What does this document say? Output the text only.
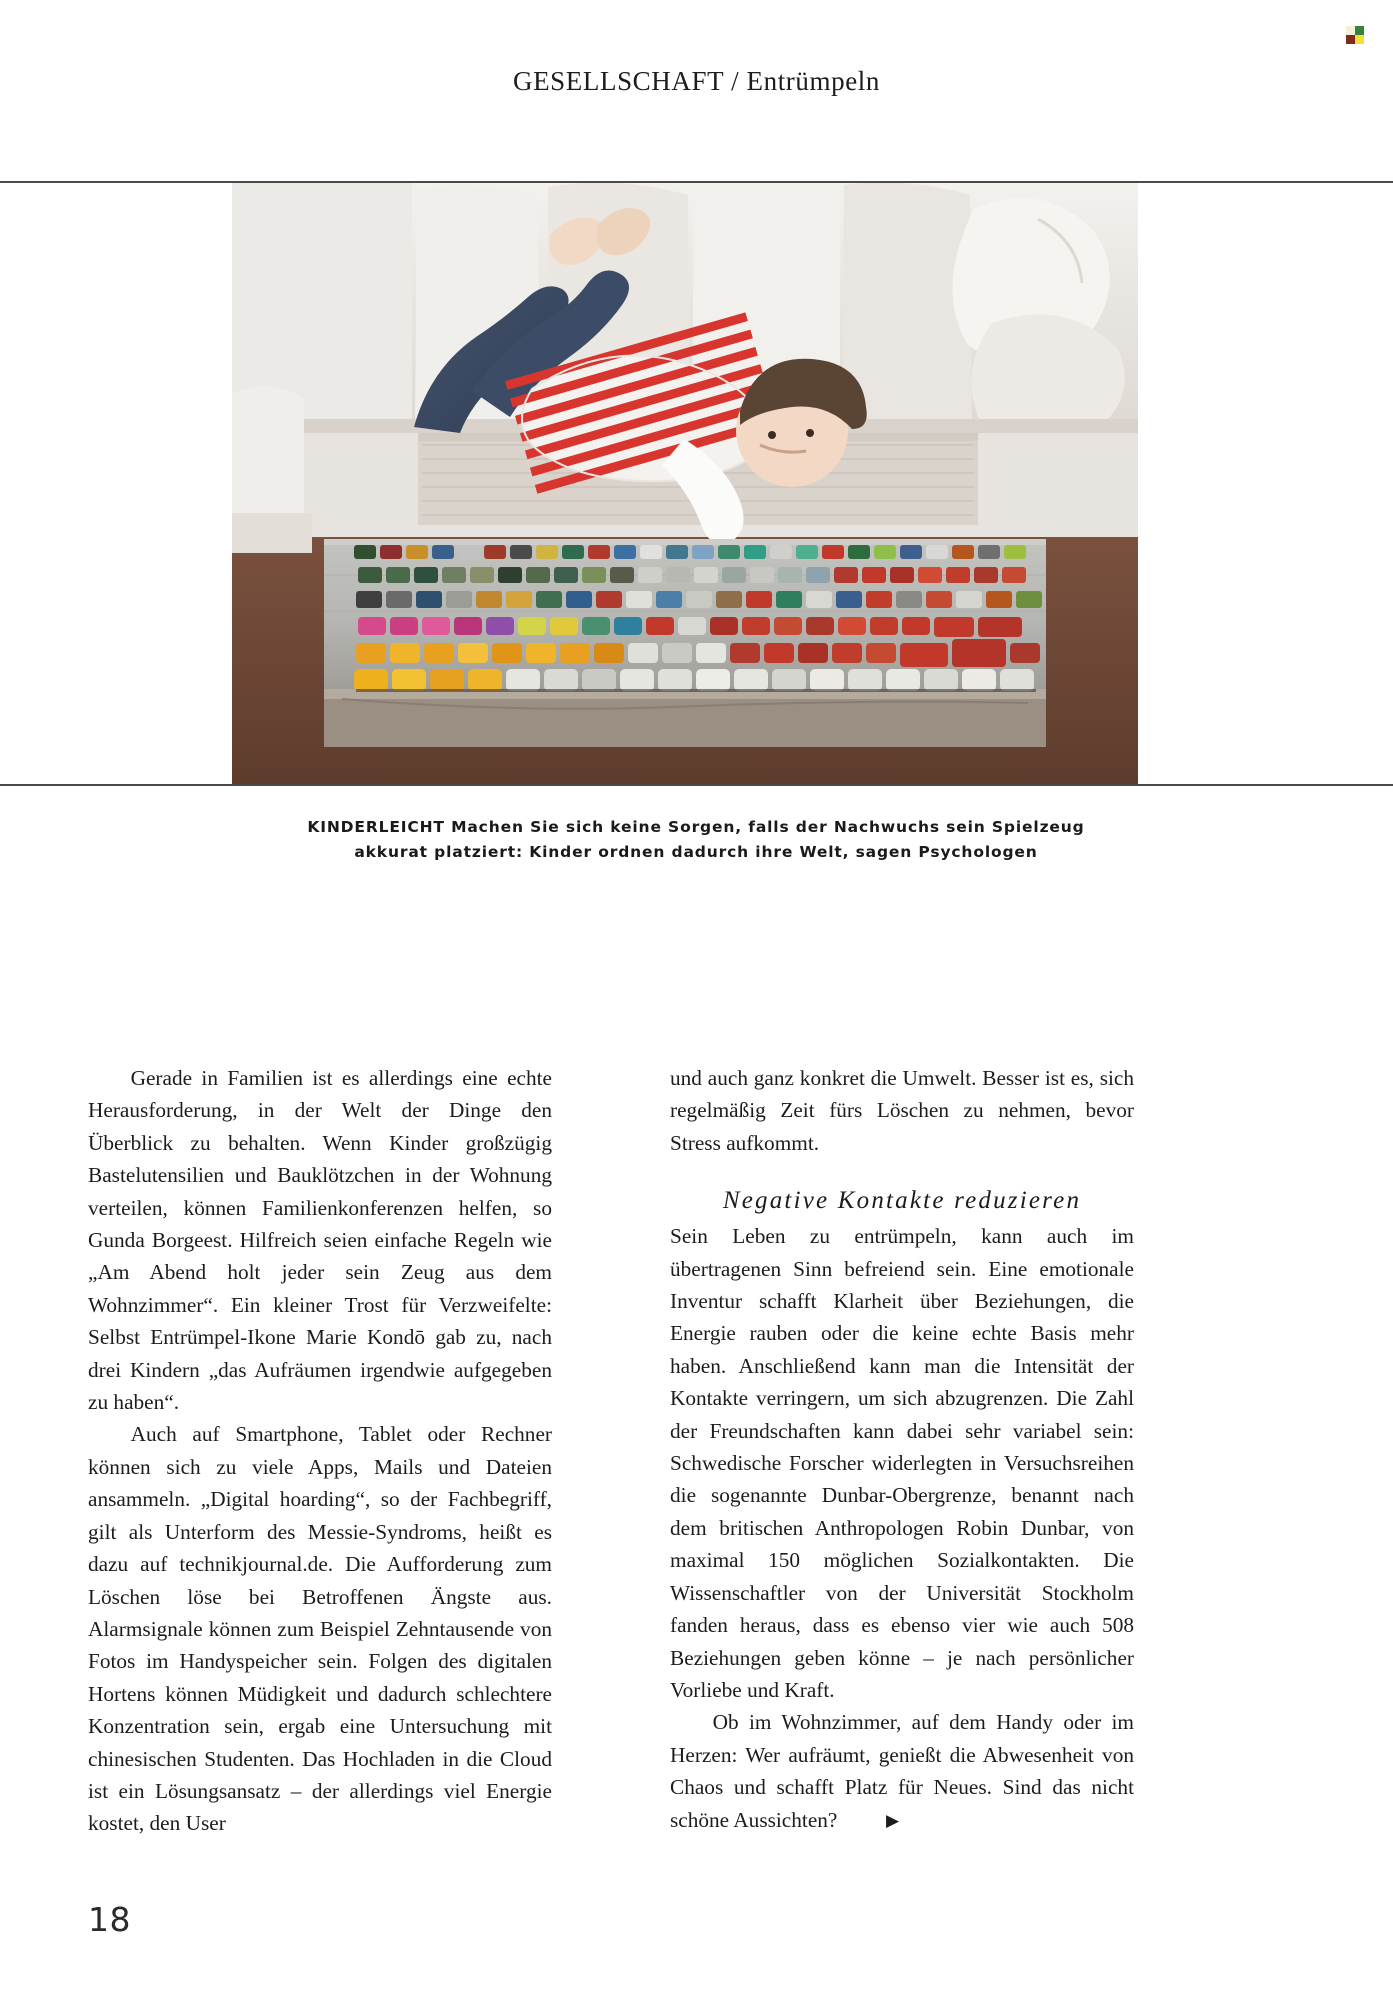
GESELLSCHAFT / Entrümpeln
KINDERLEICHT Machen Sie sich keine Sorgen, falls der Nachwuchs sein Spielzeug
akkurat platziert: Kinder ordnen dadurch ihre Welt, sagen Psychologen

Gerade in Familien ist es allerdings eine echte Herausforderung, in der Welt der Dinge den Überblick zu behalten. Wenn Kinder großzügig Bastelutensilien und Bauklötzchen in der Wohnung verteilen, können Familienkonferenzen helfen, so Gunda Borgeest. Hilfreich seien einfache Regeln wie „Am Abend holt jeder sein Zeug aus dem Wohnzimmer“. Ein kleiner Trost für Verzweifelte: Selbst Entrümpel-Ikone Marie Kondō gab zu, nach drei Kindern „das Aufräumen irgendwie aufgegeben zu haben“.

Auch auf Smartphone, Tablet oder Rechner können sich zu viele Apps, Mails und Dateien ansammeln. „Digital hoarding“, so der Fachbegriff, gilt als Unterform des Messie-Syndroms, heißt es dazu auf technikjournal.de. Die Aufforderung zum Löschen löse bei Betroffenen Ängste aus. Alarmsignale können zum Beispiel Zehntausende von Fotos im Handyspeicher sein. Folgen des digitalen Hortens können Müdigkeit und dadurch schlechtere Konzentration sein, ergab eine Untersuchung mit chinesischen Studenten. Das Hochladen in die Cloud ist ein Lösungsansatz – der allerdings viel Energie kostet, den User

und auch ganz konkret die Umwelt. Besser ist es, sich regelmäßig Zeit fürs Löschen zu nehmen, bevor Stress aufkommt.

Negative Kontakte reduzieren

Sein Leben zu entrümpeln, kann auch im übertragenen Sinn befreiend sein. Eine emotionale Inventur schafft Klarheit über Beziehungen, die Energie rauben oder die keine echte Basis mehr haben. Anschließend kann man die Intensität der Kontakte verringern, um sich abzugrenzen. Die Zahl der Freundschaften kann dabei sehr variabel sein: Schwedische Forscher widerlegten in Versuchsreihen die sogenannte Dunbar-Obergrenze, benannt nach dem britischen Anthropologen Robin Dunbar, von maximal 150 möglichen Sozialkontakten. Die Wissenschaftler von der Universität Stockholm fanden heraus, dass es ebenso vier wie auch 508 Beziehungen geben könne – je nach persönlicher Vorliebe und Kraft.

Ob im Wohnzimmer, auf dem Handy oder im Herzen: Wer aufräumt, genießt die Abwesenheit von Chaos und schafft Platz für Neues. Sind das nicht schöne Aussichten?	▶

18
